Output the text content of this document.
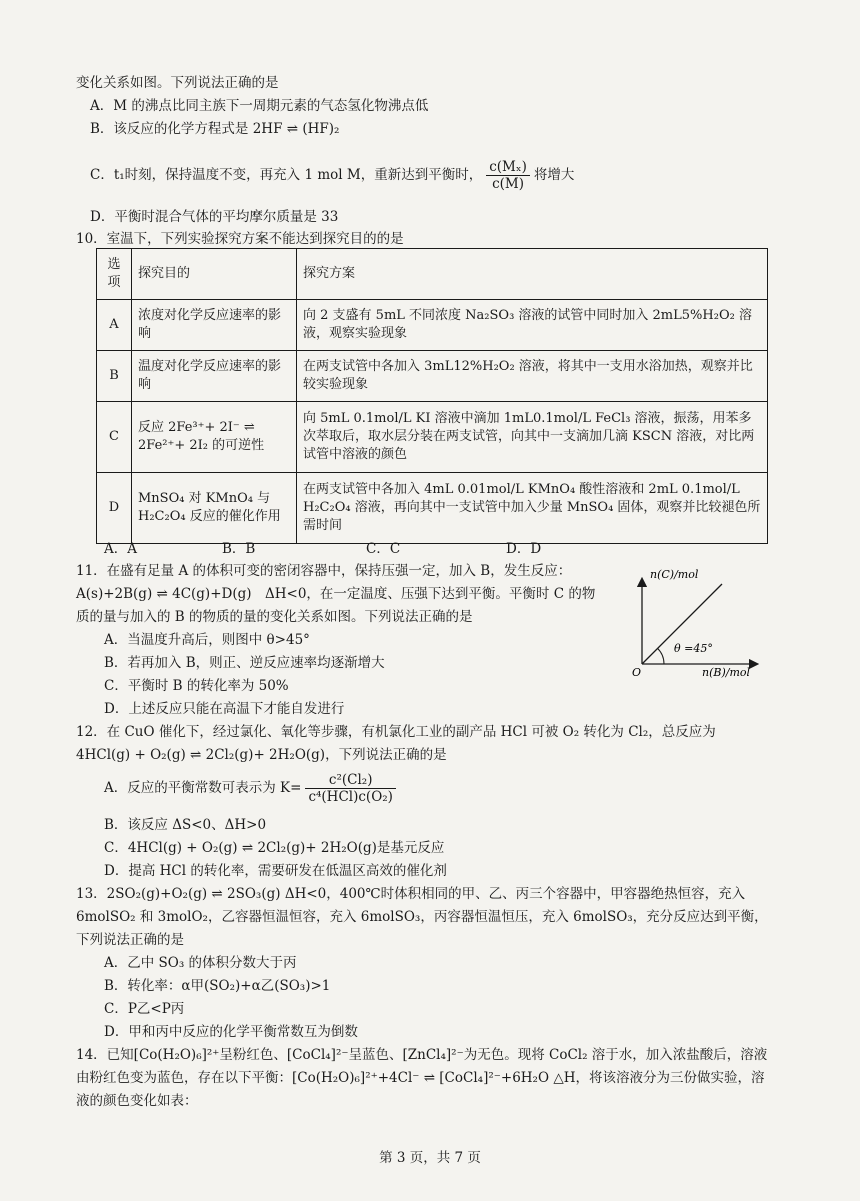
变化关系如图。下列说法正确的是
A．M 的沸点比同主族下一周期元素的气态氢化物沸点低
B．该反应的化学方程式是 2HF ⇌ (HF)₂
C．t₁时刻，保持温度不变，再充入 1 mol M，重新达到平衡时， $\frac{\text{c(Mₓ)}}{c(M)}$ 将增大
D．平衡时混合气体的平均摩尔质量是 33
10．室温下，下列实验探究方案不能达到探究目的的是
选项	探究目的	探究方案
A	浓度对化学反应速率的影响	向 2 支盛有 5mL 不同浓度 Na₂SO₃ 溶液的试管中同时加入 2mL5%H₂O₂ 溶液，观察实验现象
B	温度对化学反应速率的影响	在两支试管中各加入 3mL12%H₂O₂ 溶液，将其中一支用水浴加热，观察并比较实验现象
C	反应 2Fe³⁺+ 2I⁻ ⇌ 2Fe²⁺+ 2I₂ 的可逆性	向 5mL 0.1mol/L KI 溶液中滴加 1mL0.1mol/L FeCl₃ 溶液，振荡，用苯多次萃取后，取水层分装在两支试管，向其中一支滴加几滴 KSCN 溶液，对比两试管中溶液的颜色
D	MnSO₄ 对 KMnO₄ 与 H₂C₂O₄ 反应的催化作用	在两支试管中各加入 4mL 0.01mol/L KMnO₄ 酸性溶液和 2mL 0.1mol/L H₂C₂O₄ 溶液，再向其中一支试管中加入少量 MnSO₄ 固体，观察并比较褪色所需时间
A．A	B．B	C．C	D．D
11．在盛有足量 A 的体积可变的密闭容器中，保持压强一定，加入 B，发生反应：
A(s)+2B(g) ⇌ 4C(g)+D(g)　ΔH<0，在一定温度、压强下达到平衡。平衡时 C 的物
质的量与加入的 B 的物质的量的变化关系如图。下列说法正确的是
A．当温度升高后，则图中 θ>45°
B．若再加入 B，则正、逆反应速率均逐渐增大
C．平衡时 B 的转化率为 50%
D．上述反应只能在高温下才能自发进行
n(C)/mol
n(B)/mol
O
θ =45°
12．在 CuO 催化下，经过氯化、氧化等步骤，有机氯化工业的副产品 HCl 可被 O₂ 转化为 Cl₂，总反应为
4HCl(g) + O₂(g) ⇌ 2Cl₂(g)+ 2H₂O(g)，下列说法正确的是
A．反应的平衡常数可表示为 $K= \frac{\text{c²(Cl₂)}}{\text{c⁴(HCl)c(O₂)}}$
B．该反应 ΔS<0、ΔH>0
C．4HCl(g) + O₂(g) ⇌ 2Cl₂(g)+ 2H₂O(g)是基元反应
D．提高 HCl 的转化率，需要研发在低温区高效的催化剂
13．2SO₂(g)+O₂(g) ⇌ 2SO₃(g) ΔH<0，400℃时体积相同的甲、乙、丙三个容器中，甲容器绝热恒容，充入
6molSO₂ 和 3molO₂，乙容器恒温恒容，充入 6molSO₃，丙容器恒温恒压，充入 6molSO₃，充分反应达到平衡，
下列说法正确的是
A．乙中 SO₃ 的体积分数大于丙
B．转化率：α甲(SO₂)+α乙(SO₃)>1
C．P乙<P丙
D．甲和丙中反应的化学平衡常数互为倒数
14．已知[Co(H₂O)₆]²⁺呈粉红色、[CoCl₄]²⁻呈蓝色、[ZnCl₄]²⁻为无色。现将 CoCl₂ 溶于水，加入浓盐酸后，溶液
由粉红色变为蓝色，存在以下平衡：[Co(H₂O)₆]²⁺+4Cl⁻ ⇌ [CoCl₄]²⁻+6H₂O △H，将该溶液分为三份做实验，溶
液的颜色变化如表：
第 3 页，共 7 页
